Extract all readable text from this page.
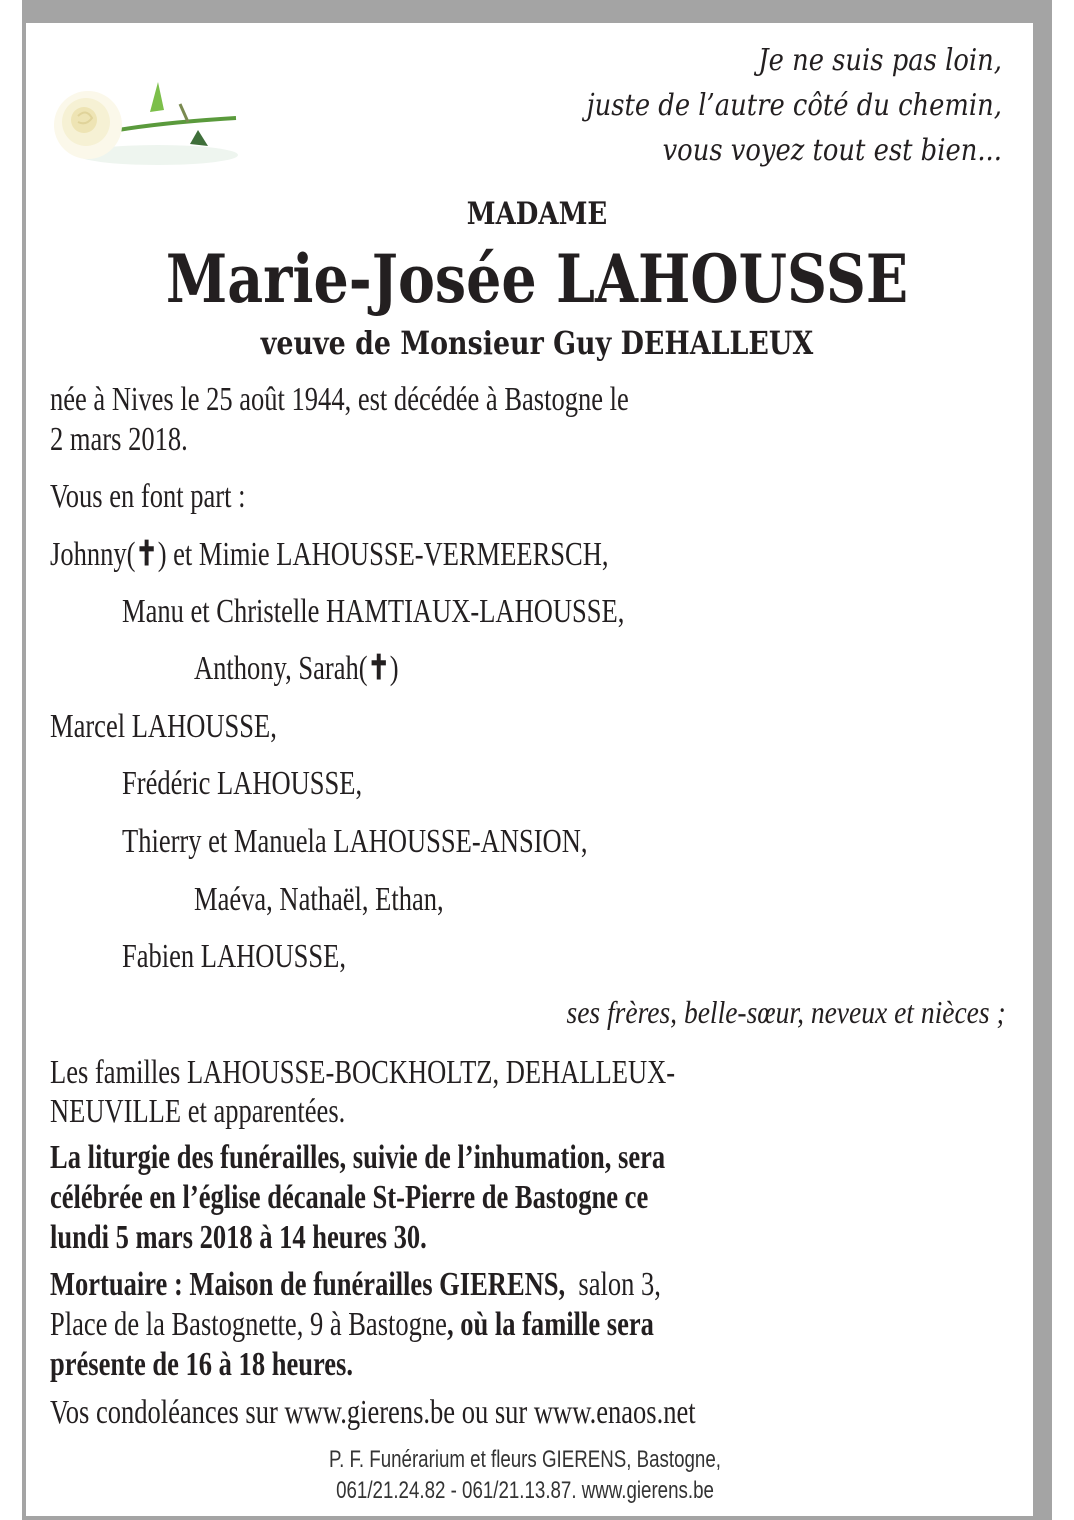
Je ne suis pas loin,
juste de l’autre côté du chemin,
vous voyez tout est bien...
MADAME
Marie-Josée LAHOUSSE
veuve de Monsieur Guy DEHALLEUX
née à Nives le 25 août 1944, est décédée à Bastogne le
2 mars 2018.
Vous en font part :
Johnny(✝) et Mimie LAHOUSSE-VERMEERSCH,
Manu et Christelle HAMTIAUX-LAHOUSSE,
Anthony, Sarah(✝)
Marcel LAHOUSSE,
Frédéric LAHOUSSE,
Thierry et Manuela LAHOUSSE-ANSION,
Maéva, Nathaël, Ethan,
Fabien LAHOUSSE,
ses frères, belle-sœur, neveux et nièces ;
Les familles LAHOUSSE-BOCKHOLTZ, DEHALLEUX-
NEUVILLE et apparentées.
La liturgie des funérailles, suivie de l’inhumation, sera
célébrée en l’église décanale St-Pierre de Bastogne ce
lundi 5 mars 2018 à 14 heures 30.
Mortuaire : Maison de funérailles GIERENS, salon 3,
Place de la Bastognette, 9 à Bastogne, où la famille sera
présente de 16 à 18 heures.
Vos condoléances sur www.gierens.be ou sur www.enaos.net
P. F. Funérarium et fleurs GIERENS, Bastogne,
061/21.24.82 - 061/21.13.87. www.gierens.be
